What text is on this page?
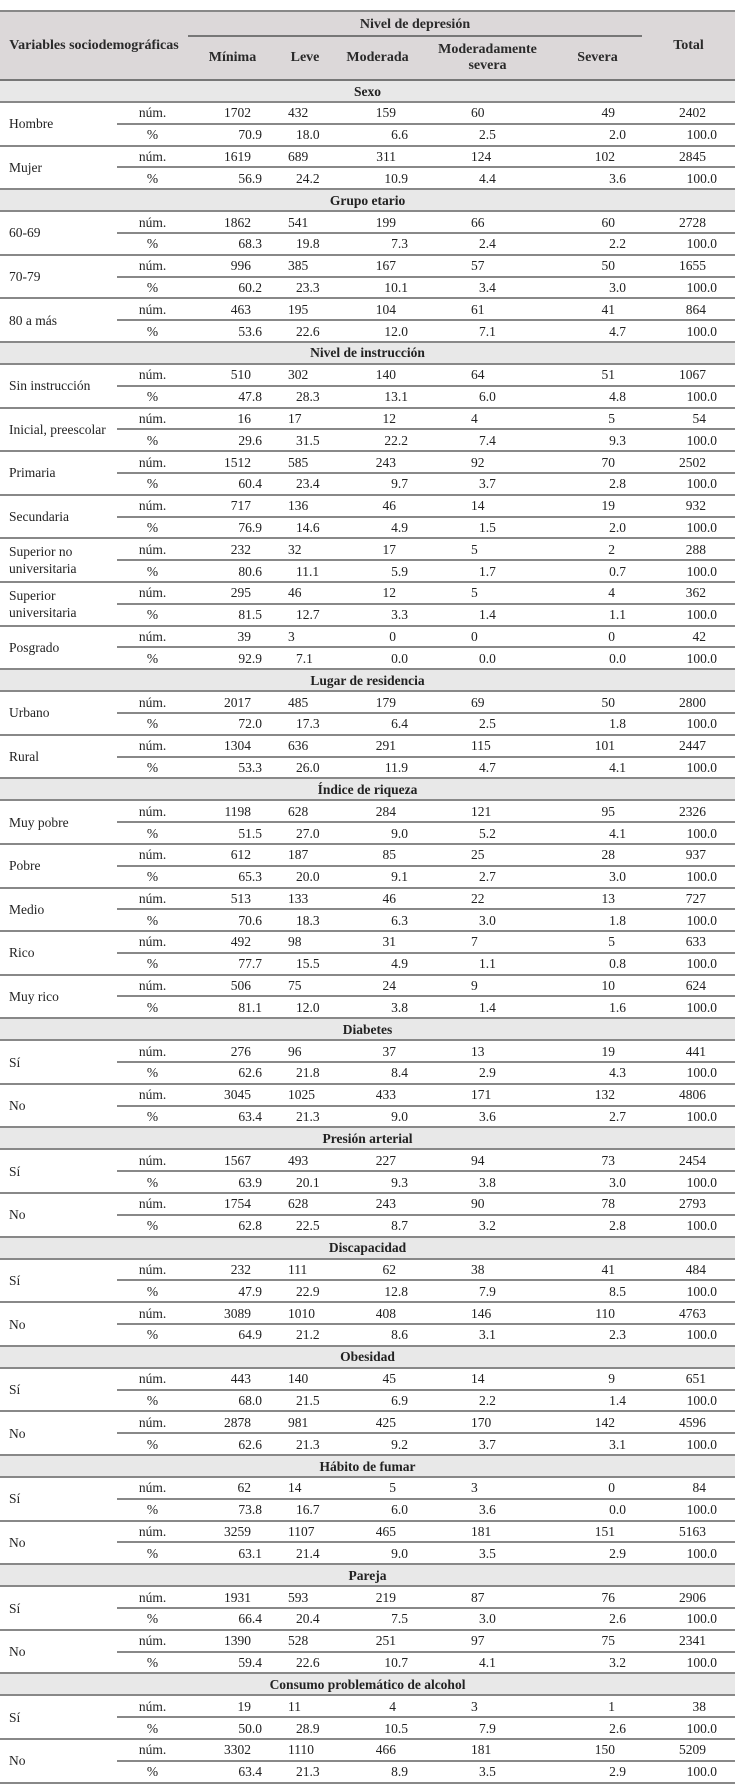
Variables sociodemográficas		Nivel de depresión					Total
		Mínima	Leve	Moderada	Moderadamente severa	Severa	
Sexo							
Hombre	núm.	1702	432	159	60	49	2402
	%	70.9	18.0	6.6	2.5	2.0	100.0
Mujer	núm.	1619	689	311	124	102	2845
	%	56.9	24.2	10.9	4.4	3.6	100.0
Grupo etario							
60-69	núm.	1862	541	199	66	60	2728
	%	68.3	19.8	7.3	2.4	2.2	100.0
70-79	núm.	996	385	167	57	50	1655
	%	60.2	23.3	10.1	3.4	3.0	100.0
80 a más	núm.	463	195	104	61	41	864
	%	53.6	22.6	12.0	7.1	4.7	100.0
Nivel de instrucción							
Sin instrucción	núm.	510	302	140	64	51	1067
	%	47.8	28.3	13.1	6.0	4.8	100.0
Inicial, preescolar	núm.	16	17	12	4	5	54
	%	29.6	31.5	22.2	7.4	9.3	100.0
Primaria	núm.	1512	585	243	92	70	2502
	%	60.4	23.4	9.7	3.7	2.8	100.0
Secundaria	núm.	717	136	46	14	19	932
	%	76.9	14.6	4.9	1.5	2.0	100.0
Superior no universitaria	núm.	232	32	17	5	2	288
	%	80.6	11.1	5.9	1.7	0.7	100.0
Superior universitaria	núm.	295	46	12	5	4	362
	%	81.5	12.7	3.3	1.4	1.1	100.0
Posgrado	núm.	39	3	0	0	0	42
	%	92.9	7.1	0.0	0.0	0.0	100.0
Lugar de residencia							
Urbano	núm.	2017	485	179	69	50	2800
	%	72.0	17.3	6.4	2.5	1.8	100.0
Rural	núm.	1304	636	291	115	101	2447
	%	53.3	26.0	11.9	4.7	4.1	100.0
Índice de riqueza							
Muy pobre	núm.	1198	628	284	121	95	2326
	%	51.5	27.0	9.0	5.2	4.1	100.0
Pobre	núm.	612	187	85	25	28	937
	%	65.3	20.0	9.1	2.7	3.0	100.0
Medio	núm.	513	133	46	22	13	727
	%	70.6	18.3	6.3	3.0	1.8	100.0
Rico	núm.	492	98	31	7	5	633
	%	77.7	15.5	4.9	1.1	0.8	100.0
Muy rico	núm.	506	75	24	9	10	624
	%	81.1	12.0	3.8	1.4	1.6	100.0
Diabetes							
Sí	núm.	276	96	37	13	19	441
	%	62.6	21.8	8.4	2.9	4.3	100.0
No	núm.	3045	1025	433	171	132	4806
	%	63.4	21.3	9.0	3.6	2.7	100.0
Presión arterial							
Sí	núm.	1567	493	227	94	73	2454
	%	63.9	20.1	9.3	3.8	3.0	100.0
No	núm.	1754	628	243	90	78	2793
	%	62.8	22.5	8.7	3.2	2.8	100.0
Discapacidad							
Sí	núm.	232	111	62	38	41	484
	%	47.9	22.9	12.8	7.9	8.5	100.0
No	núm.	3089	1010	408	146	110	4763
	%	64.9	21.2	8.6	3.1	2.3	100.0
Obesidad							
Sí	núm.	443	140	45	14	9	651
	%	68.0	21.5	6.9	2.2	1.4	100.0
No	núm.	2878	981	425	170	142	4596
	%	62.6	21.3	9.2	3.7	3.1	100.0
Hábito de fumar							
Sí	núm.	62	14	5	3	0	84
	%	73.8	16.7	6.0	3.6	0.0	100.0
No	núm.	3259	1107	465	181	151	5163
	%	63.1	21.4	9.0	3.5	2.9	100.0
Pareja							
Sí	núm.	1931	593	219	87	76	2906
	%	66.4	20.4	7.5	3.0	2.6	100.0
No	núm.	1390	528	251	97	75	2341
	%	59.4	22.6	10.7	4.1	3.2	100.0
Consumo problemático de alcohol							
Sí	núm.	19	11	4	3	1	38
	%	50.0	28.9	10.5	7.9	2.6	100.0
No	núm.	3302	1110	466	181	150	5209
	%	63.4	21.3	8.9	3.5	2.9	100.0
